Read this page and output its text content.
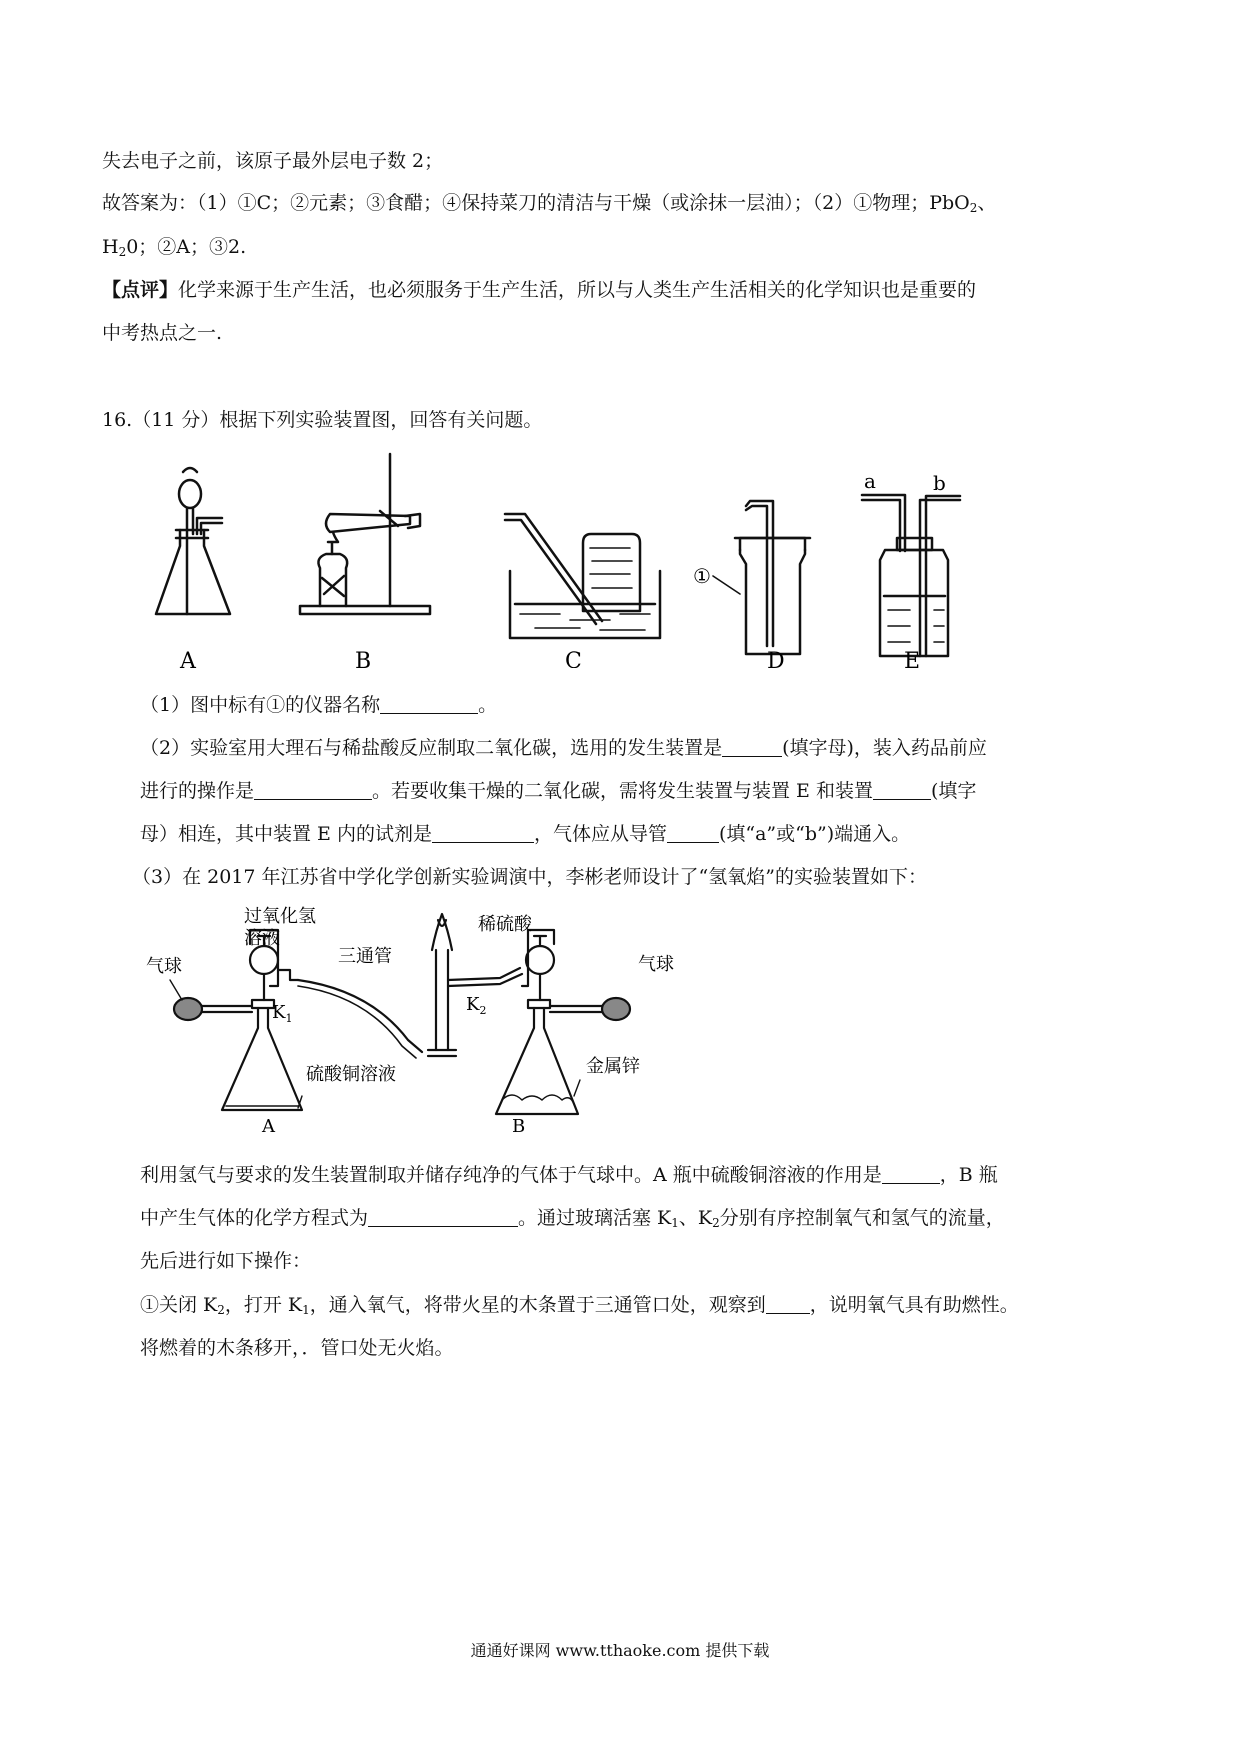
失去电子之前，该原子最外层电子数 2；
故答案为：（1）①C；②元素；③食醋；④保持菜刀的清洁与干燥（或涂抹一层油）；（2）①物理；PbO$_2$、
$H_20$；②A；③2.
【点评】化学来源于生产生活，也必须服务于生产生活，所以与人类生产生活相关的化学知识也是重要的
中考热点之一.
16.（11 分）根据下列实验装置图，回答有关问题。
A	B	C	D	E
①
a	b
（1）图中标有①的仪器名称	。
（2）实验室用大理石与稀盐酸反应制取二氧化碳，选用的发生装置是	(填字母)，装入药品前应
进行的操作是	。若要收集干燥的二氧化碳，需将发生装置与装置 E 和装置	(填字
母）相连，其中装置 E 内的试剂是	，气体应从导管	(填“a”或“b”)端通入。
（3）在 2017 年江苏省中学化学创新实验调演中，李彬老师设计了“氢氧焰”的实验装置如下：
过氧化氢
溶液
三通管
稀硫酸
气球	气球
$K_1$
$K_2$
硫酸铜溶液	金属锌
A	B
利用氢气与要求的发生装置制取并储存纯净的气体于气球中。A 瓶中硫酸铜溶液的作用是	，B 瓶
中产生气体的化学方程式为	。通过玻璃活塞 $K_1$、$K_2$分别有序控制氧气和氢气的流量，
先后进行如下操作：
①关闭 $K_2$，打开 $K_1$，通入氧气，将带火星的木条置于三通管口处，观察到 ，说明氧气具有助燃性。
将燃着的木条移开，．管口处无火焰。
通通好课网 www.tthaoke.com 提供下载
